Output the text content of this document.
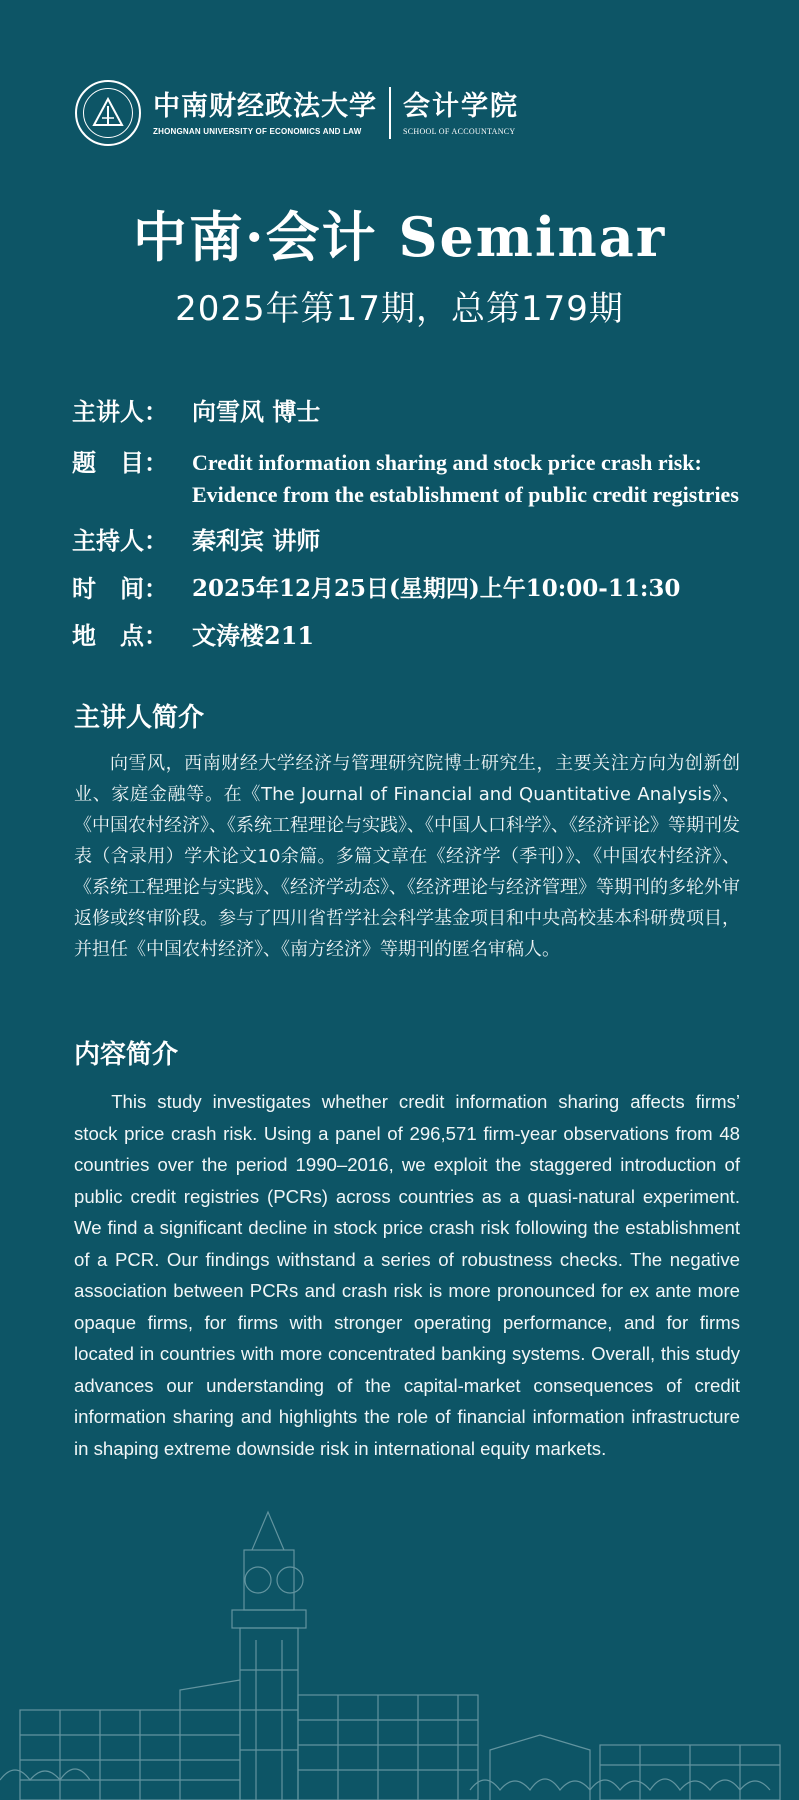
中南财经政法大学
ZHONGNAN UNIVERSITY OF ECONOMICS AND LAW
会计学院
SCHOOL OF ACCOUNTANCY
中南·会计 Seminar
2025年第17期，总第179期
主讲人：	向雪风 博士
题　目：	Credit information sharing and stock price crash risk:
Evidence from the establishment of public credit registries
主持人：	秦利宾 讲师
时　间：	2025年12月25日(星期四)上午10:00-11:30
地　点：	文涛楼211
主讲人简介
向雪风，西南财经大学经济与管理研究院博士研究生，主要关注方向为创新创业、家庭金融等。在《The Journal of Financial and Quantitative Analysis》、《中国农村经济》、《系统工程理论与实践》、《中国人口科学》、《经济评论》等期刊发表（含录用）学术论文10余篇。多篇文章在《经济学（季刊）》、《中国农村经济》、《系统工程理论与实践》、《经济学动态》、《经济理论与经济管理》等期刊的多轮外审返修或终审阶段。参与了四川省哲学社会科学基金项目和中央高校基本科研费项目，并担任《中国农村经济》、《南方经济》等期刊的匿名审稿人。
内容简介
This study investigates whether credit information sharing affects firms’ stock price crash risk. Using a panel of 296,571 firm-year observations from 48 countries over the period 1990–2016, we exploit the staggered introduction of public credit registries (PCRs) across countries as a quasi-natural experiment. We find a significant decline in stock price crash risk following the establishment of a PCR. Our findings withstand a series of robustness checks. The negative association between PCRs and crash risk is more pronounced for ex ante more opaque firms, for firms with stronger operating performance, and for firms located in countries with more concentrated banking systems. Overall, this study advances our understanding of the capital-market consequences of credit information sharing and highlights the role of financial information infrastructure in shaping extreme downside risk in international equity markets.
